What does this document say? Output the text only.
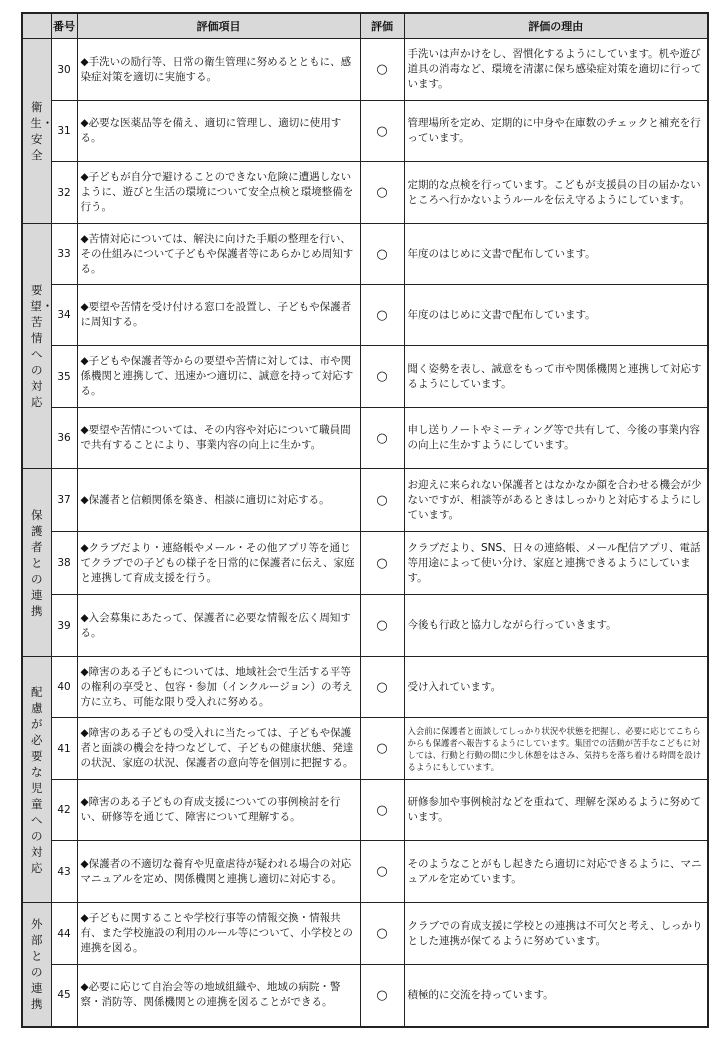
	番号	評価項目	評価	評価の理由
衛生・安全	30	◆手洗いの励行等、日常の衛生管理に努めるとともに、感染症対策を適切に実施する。	○	手洗いは声かけをし、習慣化するようにしています。机や遊び道具の消毒など、環境を清潔に保ち感染症対策を適切に行っています。
	31	◆必要な医薬品等を備え、適切に管理し、適切に使用する。	○	管理場所を定め、定期的に中身や在庫数のチェックと補充を行っています。
	32	◆子どもが自分で避けることのできない危険に遭遇しないように、遊びと生活の環境について安全点検と環境整備を行う。	○	定期的な点検を行っています。こどもが支援員の目の届かないところへ行かないようルールを伝え守るようにしています。
要望・苦情への対応	33	◆苦情対応については、解決に向けた手順の整理を行い、その仕組みについて子どもや保護者等にあらかじめ周知する。	○	年度のはじめに文書で配布しています。
	34	◆要望や苦情を受け付ける窓口を設置し、子どもや保護者に周知する。	○	年度のはじめに文書で配布しています。
	35	◆子どもや保護者等からの要望や苦情に対しては、市や関係機関と連携して、迅速かつ適切に、誠意を持って対応する。	○	聞く姿勢を表し、誠意をもって市や関係機関と連携して対応するようにしています。
	36	◆要望や苦情については、その内容や対応について職員間で共有することにより、事業内容の向上に生かす。	○	申し送りノートやミーティング等で共有して、今後の事業内容の向上に生かすようにしています。
保護者との連携	37	◆保護者と信頼関係を築き、相談に適切に対応する。	○	お迎えに来られない保護者とはなかなか顔を合わせる機会が少ないですが、相談等があるときはしっかりと対応するようにしています。
	38	◆クラブだより・連絡帳やメール・その他アプリ等を通じてクラブでの子どもの様子を日常的に保護者に伝え、家庭と連携して育成支援を行う。	○	クラブだより、SNS、日々の連絡帳、メール配信アプリ、電話等用途によって使い分け、家庭と連携できるようにしています。
	39	◆入会募集にあたって、保護者に必要な情報を広く周知する。	○	今後も行政と協力しながら行っていきます。
配慮が必要な児童への対応	40	◆障害のある子どもについては、地域社会で生活する平等の権利の享受と、包容・参加（インクルージョン）の考え方に立ち、可能な限り受入れに努める。	○	受け入れています。
	41	◆障害のある子どもの受入れに当たっては、子どもや保護者と面談の機会を持つなどして、子どもの健康状態、発達の状況、家庭の状況、保護者の意向等を個別に把握する。	○	入会前に保護者と面談してしっかり状況や状態を把握し、必要に応じてこちらからも保護者へ報告するようにしています。集団での活動が苦手なこどもに対しては、行動と行動の間に少し休憩をはさみ、気持ちを落ち着ける時間を設けるようにもしています。
	42	◆障害のある子どもの育成支援についての事例検討を行い、研修等を通じて、障害について理解する。	○	研修参加や事例検討などを重ねて、理解を深めるように努めています。
	43	◆保護者の不適切な養育や児童虐待が疑われる場合の対応マニュアルを定め、関係機関と連携し適切に対応する。	○	そのようなことがもし起きたら適切に対応できるように、マニュアルを定めています。
外部との連携	44	◆子どもに関することや学校行事等の情報交換・情報共有、また学校施設の利用のルール等について、小学校との連携を図る。	○	クラブでの育成支援に学校との連携は不可欠と考え、しっかりとした連携が保てるように努めています。
	45	◆必要に応じて自治会等の地域組織や、地域の病院・警察・消防等、関係機関との連携を図ることができる。	○	積極的に交流を持っています。
